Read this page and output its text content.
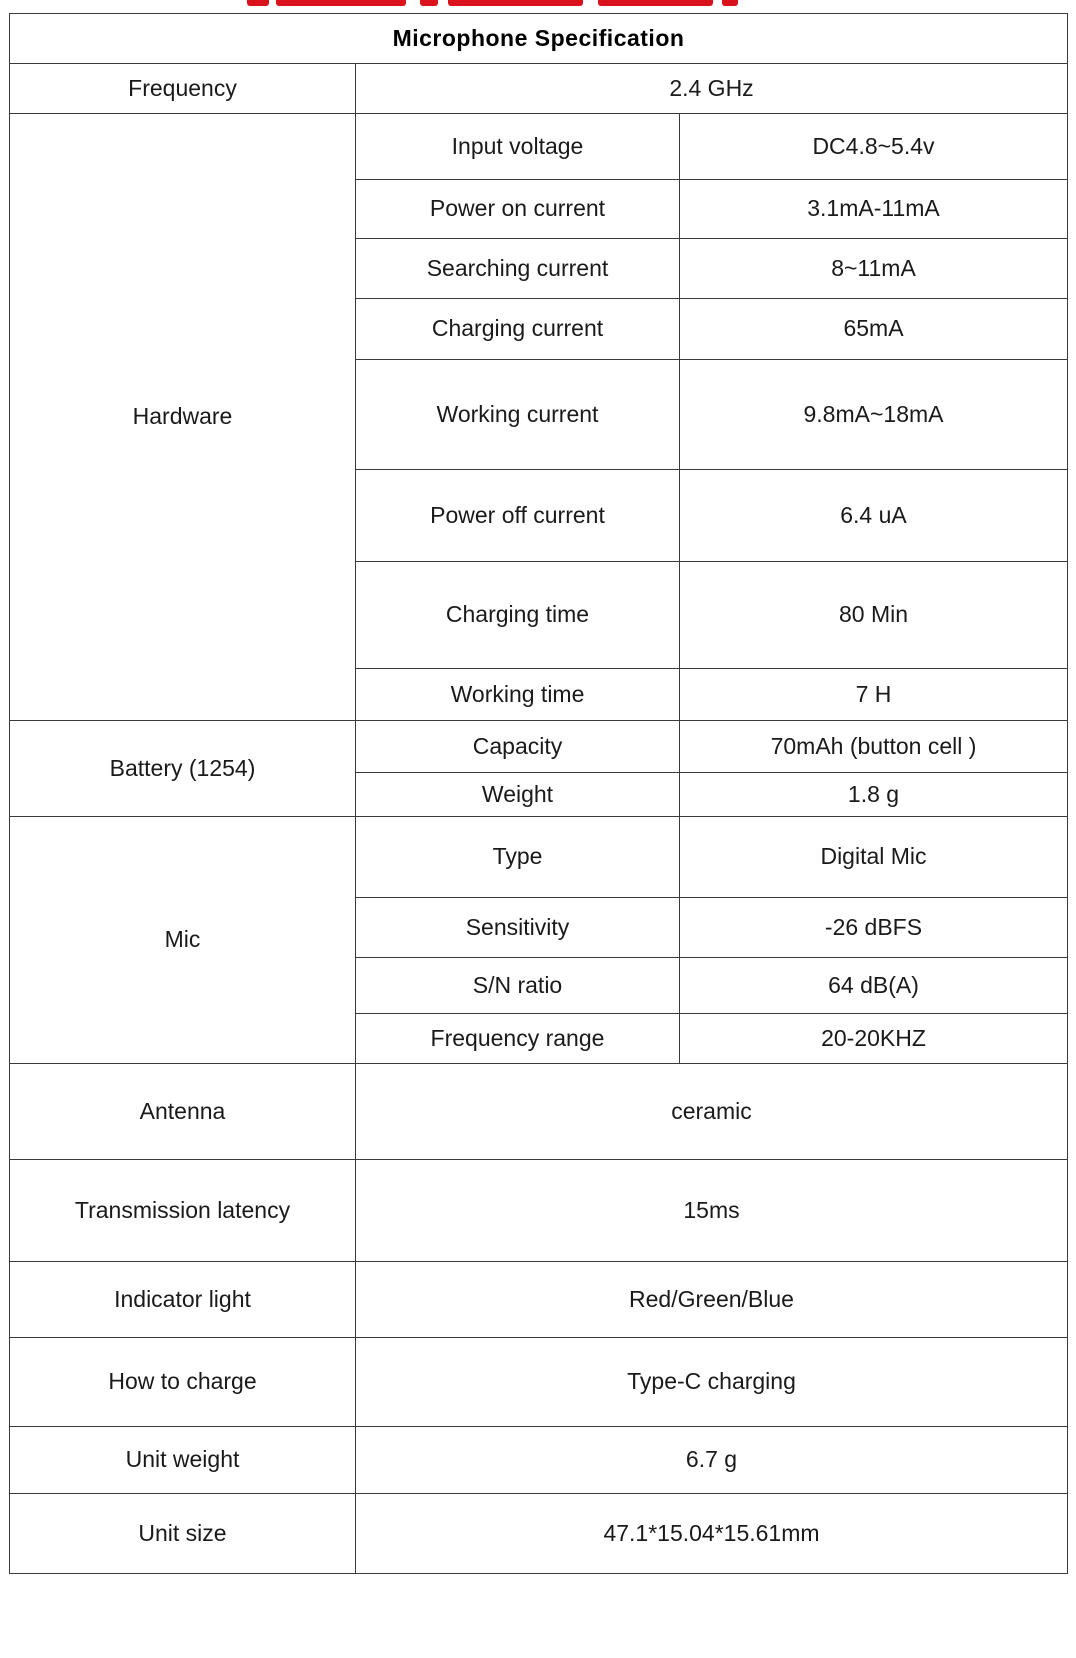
Microphone Specification		
Frequency	2.4 GHz	
Hardware	Input voltage	DC4.8~5.4v
	Power on current	3.1mA-11mA
	Searching current	8~11mA
	Charging current	65mA
	Working current	9.8mA~18mA
	Power off current	6.4 uA
	Charging time	80 Min
	Working time	7 H
Battery (1254)	Capacity	70mAh (button cell )
	Weight	1.8 g
Mic	Type	Digital Mic
	Sensitivity	-26 dBFS
	S/N ratio	64 dB(A)
	Frequency range	20-20KHZ
Antenna	ceramic	
Transmission latency	15ms	
Indicator light	Red/Green/Blue	
How to charge	Type-C charging	
Unit weight	6.7 g	
Unit size	47.1*15.04*15.61mm	
